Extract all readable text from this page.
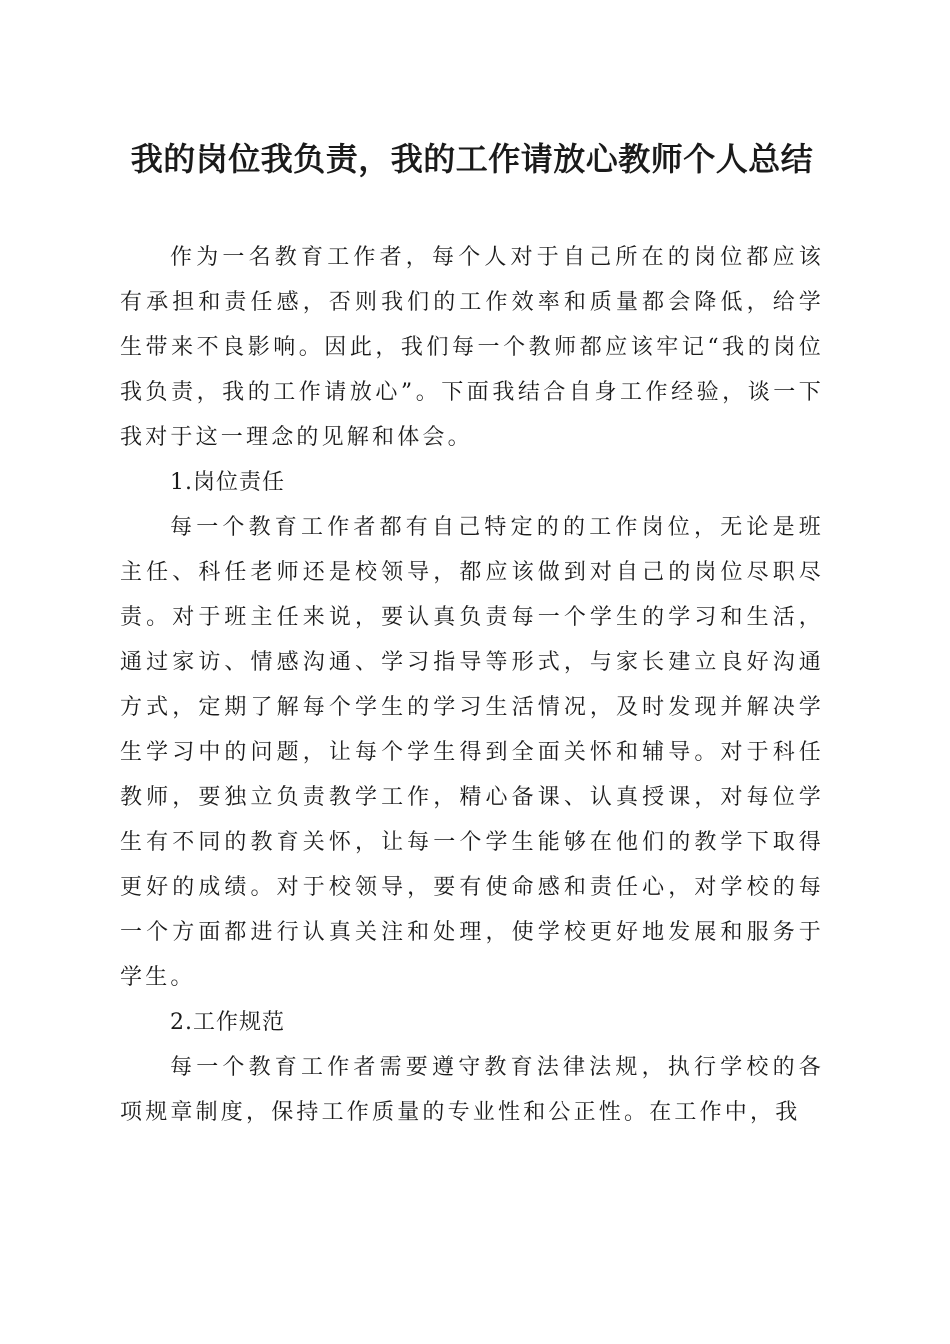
我的岗位我负责，我的工作请放心教师个人总结

作为一名教育工作者，每个人对于自己所在的岗位都应该有承担和责任感，否则我们的工作效率和质量都会降低，给学生带来不良影响。因此，我们每一个教师都应该牢记“我的岗位我负责，我的工作请放心”。下面我结合自身工作经验，谈一下我对于这一理念的见解和体会。

1.岗位责任

每一个教育工作者都有自己特定的的工作岗位，无论是班主任、科任老师还是校领导，都应该做到对自己的岗位尽职尽责。对于班主任来说，要认真负责每一个学生的学习和生活，通过家访、情感沟通、学习指导等形式，与家长建立良好沟通方式，定期了解每个学生的学习生活情况，及时发现并解决学生学习中的问题，让每个学生得到全面关怀和辅导。对于科任教师，要独立负责教学工作，精心备课、认真授课，对每位学生有不同的教育关怀，让每一个学生能够在他们的教学下取得更好的成绩。对于校领导，要有使命感和责任心，对学校的每一个方面都进行认真关注和处理，使学校更好地发展和服务于学生。

2.工作规范

每一个教育工作者需要遵守教育法律法规，执行学校的各项规章制度，保持工作质量的专业性和公正性。在工作中，我
